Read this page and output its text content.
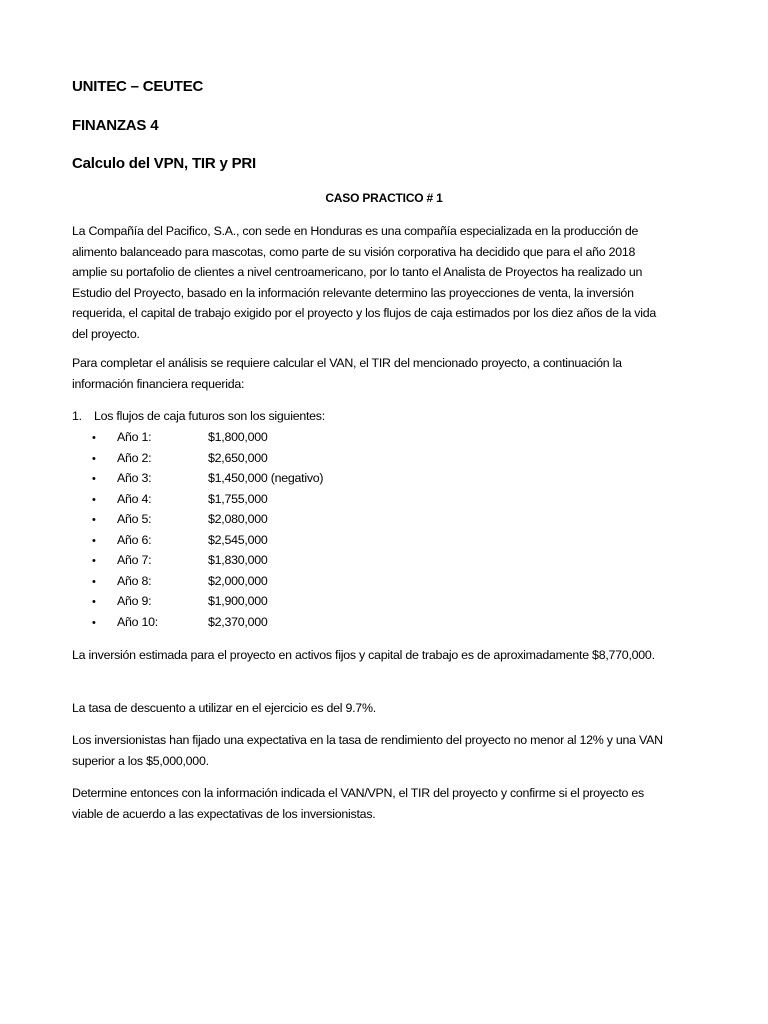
UNITEC – CEUTEC
FINANZAS 4
Calculo del VPN, TIR y PRI
CASO PRACTICO # 1

La Compañía del Pacifico, S.A., con sede en Honduras es una compañía especializada en la producción de alimento balanceado para mascotas, como parte de su visión corporativa ha decidido que para el año 2018 amplie su portafolio de clientes a nivel centroamericano, por lo tanto el Analista de Proyectos ha realizado un Estudio del Proyecto, basado en la información relevante determino las proyecciones de venta, la inversión requerida, el capital de trabajo exigido por el proyecto y los flujos de caja estimados por los diez años de la vida del proyecto.

Para completar el análisis se requiere calcular el VAN, el TIR del mencionado proyecto, a continuación la información financiera requerida:

1. Los flujos de caja futuros son los siguientes:
• Año 1:	$1,800,000
• Año 2:	$2,650,000
• Año 3:	$1,450,000 (negativo)
• Año 4:	$1,755,000
• Año 5:	$2,080,000
• Año 6:	$2,545,000
• Año 7:	$1,830,000
• Año 8:	$2,000,000
• Año 9:	$1,900,000
• Año 10:	$2,370,000

La inversión estimada para el proyecto en activos fijos y capital de trabajo es de aproximadamente $8,770,000.

La tasa de descuento a utilizar en el ejercicio es del 9.7%.

Los inversionistas han fijado una expectativa en la tasa de rendimiento del proyecto no menor al 12% y una VAN superior a los $5,000,000.

Determine entonces con la información indicada el VAN/VPN, el TIR del proyecto y confirme si el proyecto es viable de acuerdo a las expectativas de los inversionistas.
